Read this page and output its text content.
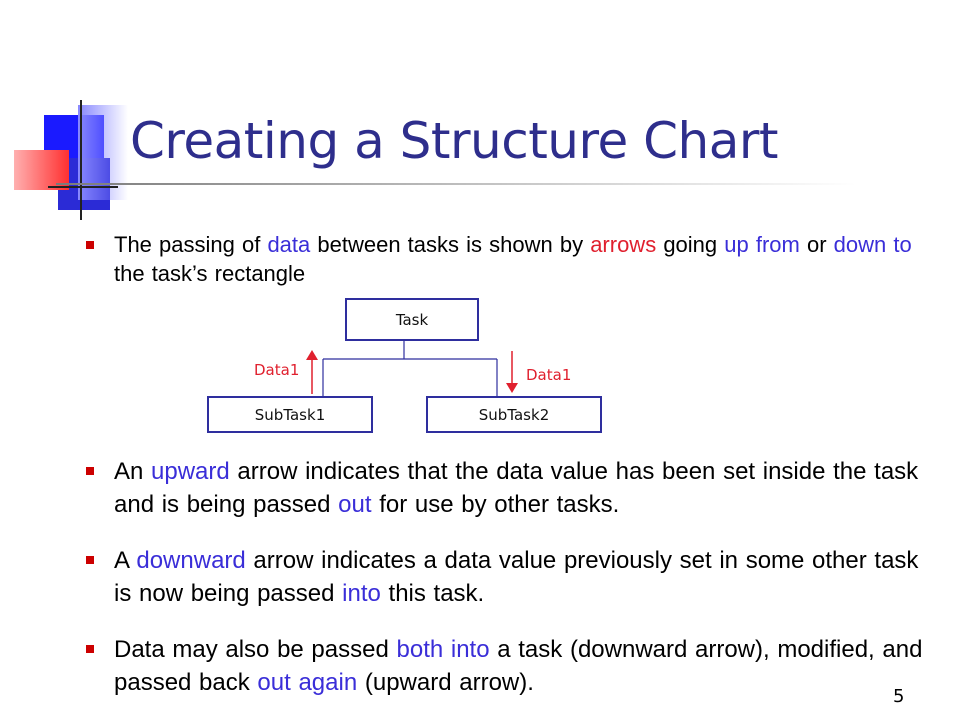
Creating a Structure Chart
The passing of data between tasks is shown by arrows going up from or down to the task’s rectangle
Task
SubTask1	SubTask2
Data1	Data1
An upward arrow indicates that the data value has been set inside the task and is being passed out for use by other tasks.
A downward arrow indicates a data value previously set in some other task is now being passed into this task.
Data may also be passed both into a task (downward arrow), modified, and passed back out again (upward arrow).
5
